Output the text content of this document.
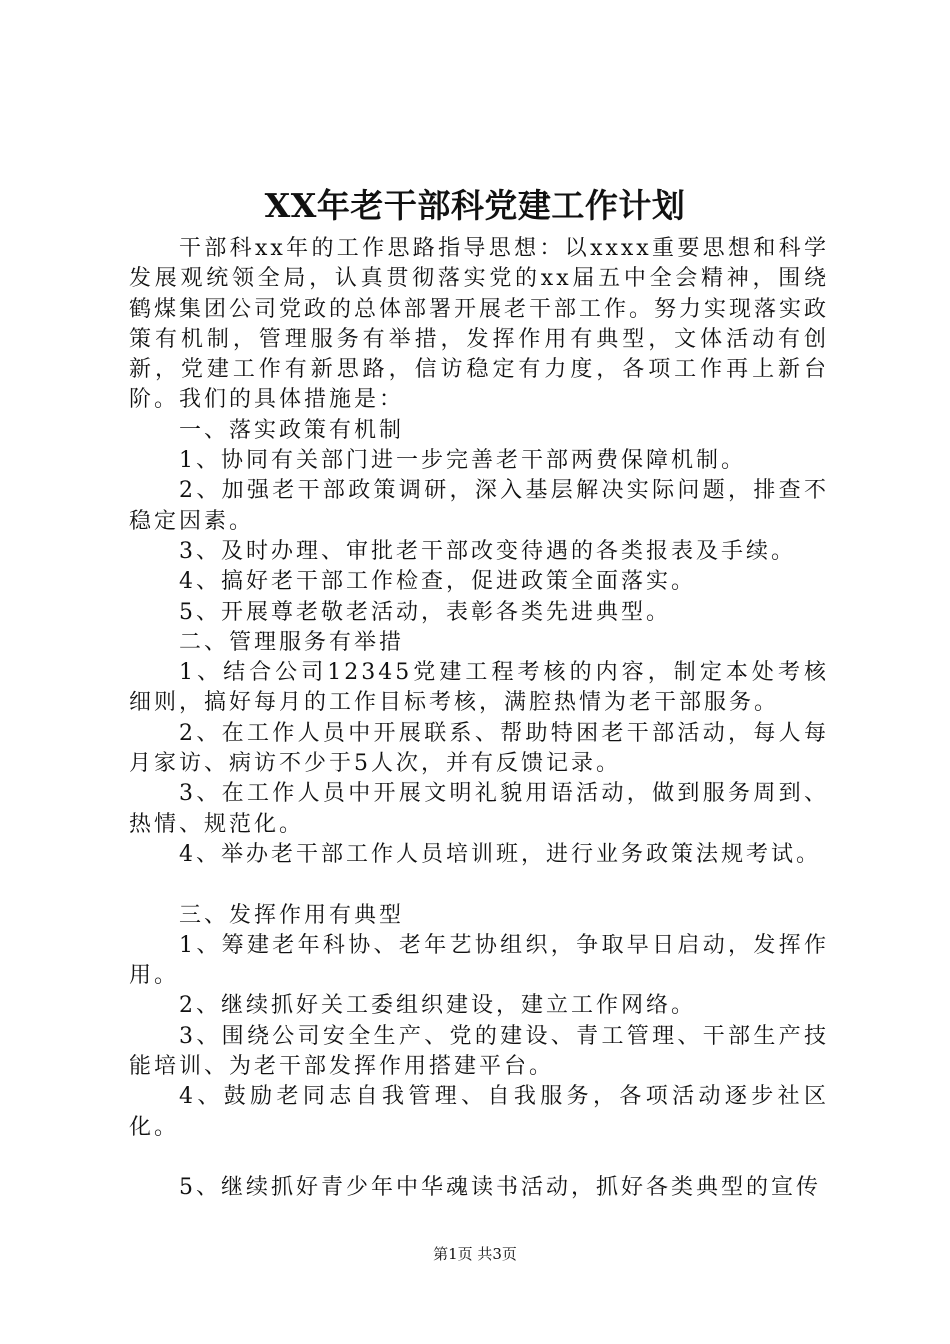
XX年老干部科党建工作计划

干部科xx年的工作思路指导思想：以xxxx重要思想和科学发展观统领全局，认真贯彻落实党的xx届五中全会精神，围绕鹤煤集团公司党政的总体部署开展老干部工作。努力实现落实政策有机制，管理服务有举措，发挥作用有典型，文体活动有创新，党建工作有新思路，信访稳定有力度，各项工作再上新台阶。我们的具体措施是：

一、落实政策有机制

1、协同有关部门进一步完善老干部两费保障机制。

2、加强老干部政策调研，深入基层解决实际问题，排查不稳定因素。

3、及时办理、审批老干部改变待遇的各类报表及手续。

4、搞好老干部工作检查，促进政策全面落实。

5、开展尊老敬老活动，表彰各类先进典型。

二、管理服务有举措

1、结合公司12345党建工程考核的内容，制定本处考核细则，搞好每月的工作目标考核，满腔热情为老干部服务。

2、在工作人员中开展联系、帮助特困老干部活动，每人每月家访、病访不少于5人次，并有反馈记录。

3、在工作人员中开展文明礼貌用语活动，做到服务周到、热情、规范化。

4、举办老干部工作人员培训班，进行业务政策法规考试。

三、发挥作用有典型

1、筹建老年科协、老年艺协组织，争取早日启动，发挥作用。

2、继续抓好关工委组织建设，建立工作网络。

3、围绕公司安全生产、党的建设、青工管理、干部生产技能培训、为老干部发挥作用搭建平台。

4、鼓励老同志自我管理、自我服务，各项活动逐步社区化。

5、继续抓好青少年中华魂读书活动，抓好各类典型的宣传

第1页 共3页
